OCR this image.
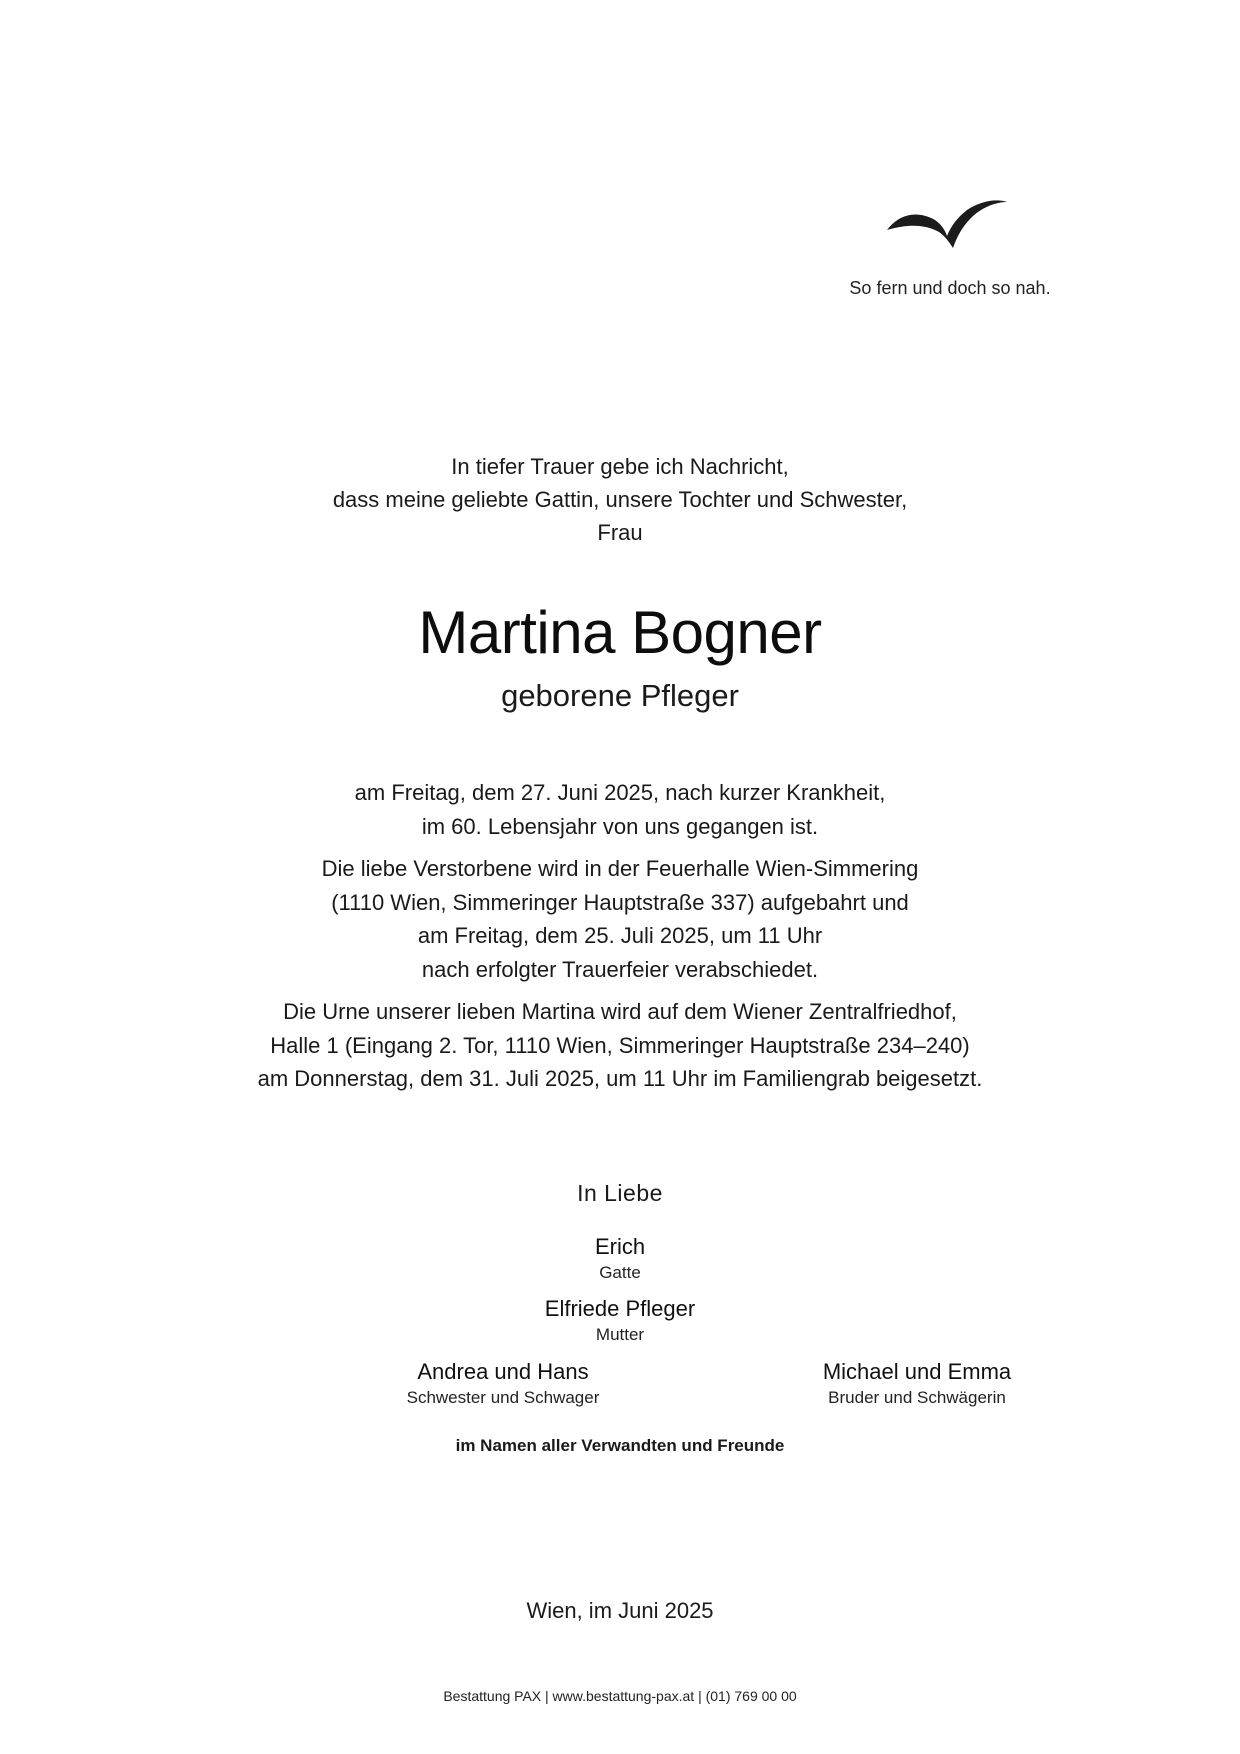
So fern und doch so nah.
In tiefer Trauer gebe ich Nachricht,
dass meine geliebte Gattin, unsere Tochter und Schwester,
Frau
Martina Bogner
geborene Pfleger
am Freitag, dem 27. Juni 2025, nach kurzer Krankheit,
im 60. Lebensjahr von uns gegangen ist.
Die liebe Verstorbene wird in der Feuerhalle Wien-Simmering
(1110 Wien, Simmeringer Hauptstraße 337) aufgebahrt und
am Freitag, dem 25. Juli 2025, um 11 Uhr
nach erfolgter Trauerfeier verabschiedet.
Die Urne unserer lieben Martina wird auf dem Wiener Zentralfriedhof,
Halle 1 (Eingang 2. Tor, 1110 Wien, Simmeringer Hauptstraße 234–240)
am Donnerstag, dem 31. Juli 2025, um 11 Uhr im Familiengrab beigesetzt.
In Liebe
Erich
Gatte
Elfriede Pfleger
Mutter
Andrea und Hans
Schwester und Schwager
Michael und Emma
Bruder und Schwägerin
im Namen aller Verwandten und Freunde
Wien, im Juni 2025
Bestattung PAX | www.bestattung-pax.at | (01) 769 00 00
